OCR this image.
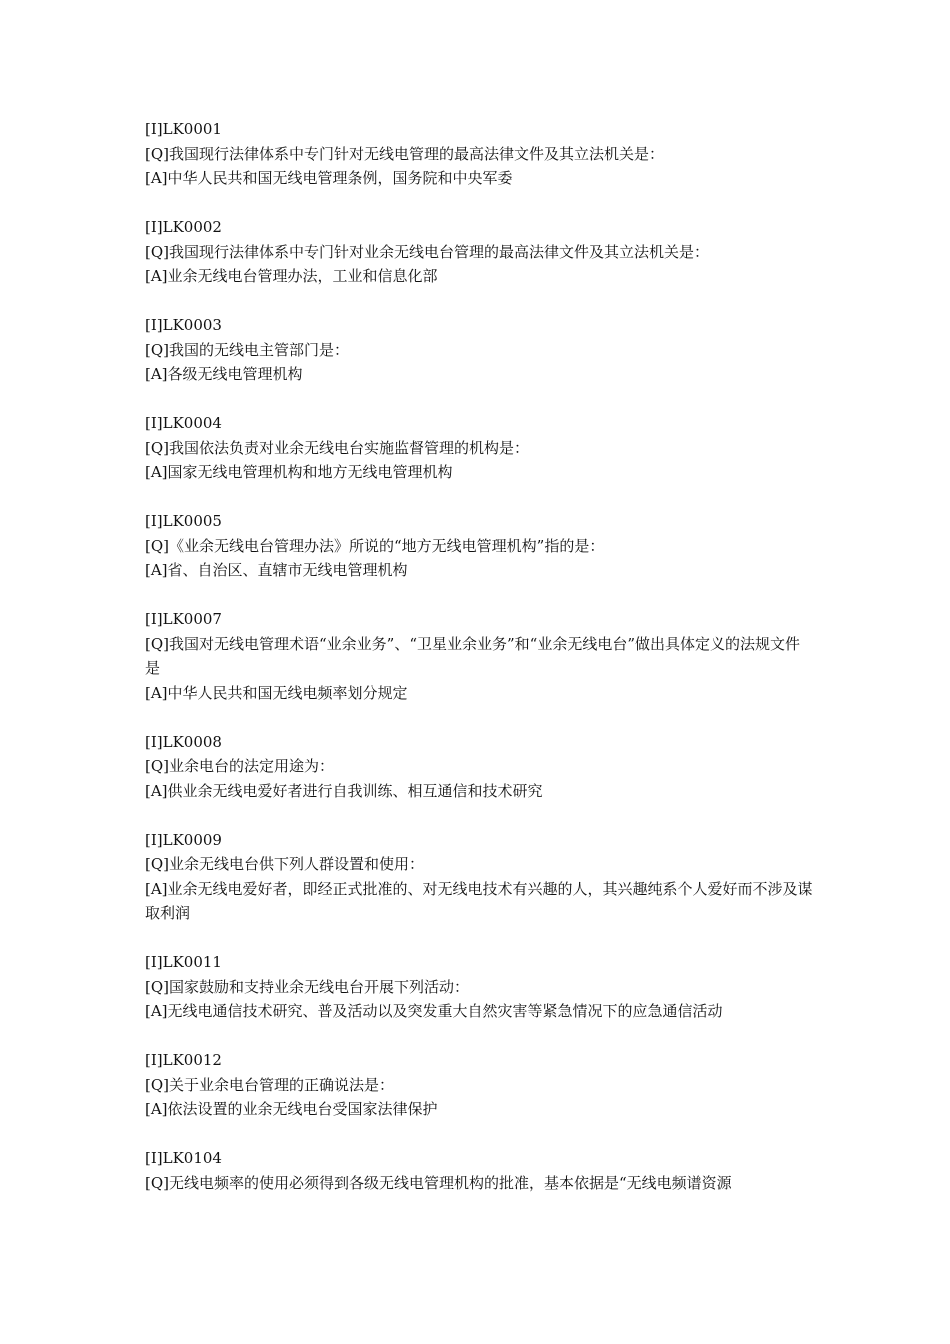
[I]LK0001
[Q]我国现行法律体系中专门针对无线电管理的最高法律文件及其立法机关是：
[A]中华人民共和国无线电管理条例，国务院和中央军委
[I]LK0002
[Q]我国现行法律体系中专门针对业余无线电台管理的最高法律文件及其立法机关是：
[A]业余无线电台管理办法，工业和信息化部
[I]LK0003
[Q]我国的无线电主管部门是：
[A]各级无线电管理机构
[I]LK0004
[Q]我国依法负责对业余无线电台实施监督管理的机构是：
[A]国家无线电管理机构和地方无线电管理机构
[I]LK0005
[Q]《业余无线电台管理办法》所说的“地方无线电管理机构”指的是：
[A]省、自治区、直辖市无线电管理机构
[I]LK0007
[Q]我国对无线电管理术语“业余业务”、“卫星业余业务”和“业余无线电台”做出具体定义的法规文件是
[A]中华人民共和国无线电频率划分规定
[I]LK0008
[Q]业余电台的法定用途为：
[A]供业余无线电爱好者进行自我训练、相互通信和技术研究
[I]LK0009
[Q]业余无线电台供下列人群设置和使用：
[A]业余无线电爱好者，即经正式批准的、对无线电技术有兴趣的人，其兴趣纯系个人爱好而不涉及谋取利润
[I]LK0011
[Q]国家鼓励和支持业余无线电台开展下列活动：
[A]无线电通信技术研究、普及活动以及突发重大自然灾害等紧急情况下的应急通信活动
[I]LK0012
[Q]关于业余电台管理的正确说法是：
[A]依法设置的业余无线电台受国家法律保护
[I]LK0104
[Q]无线电频率的使用必须得到各级无线电管理机构的批准，基本依据是“无线电频谱资源
